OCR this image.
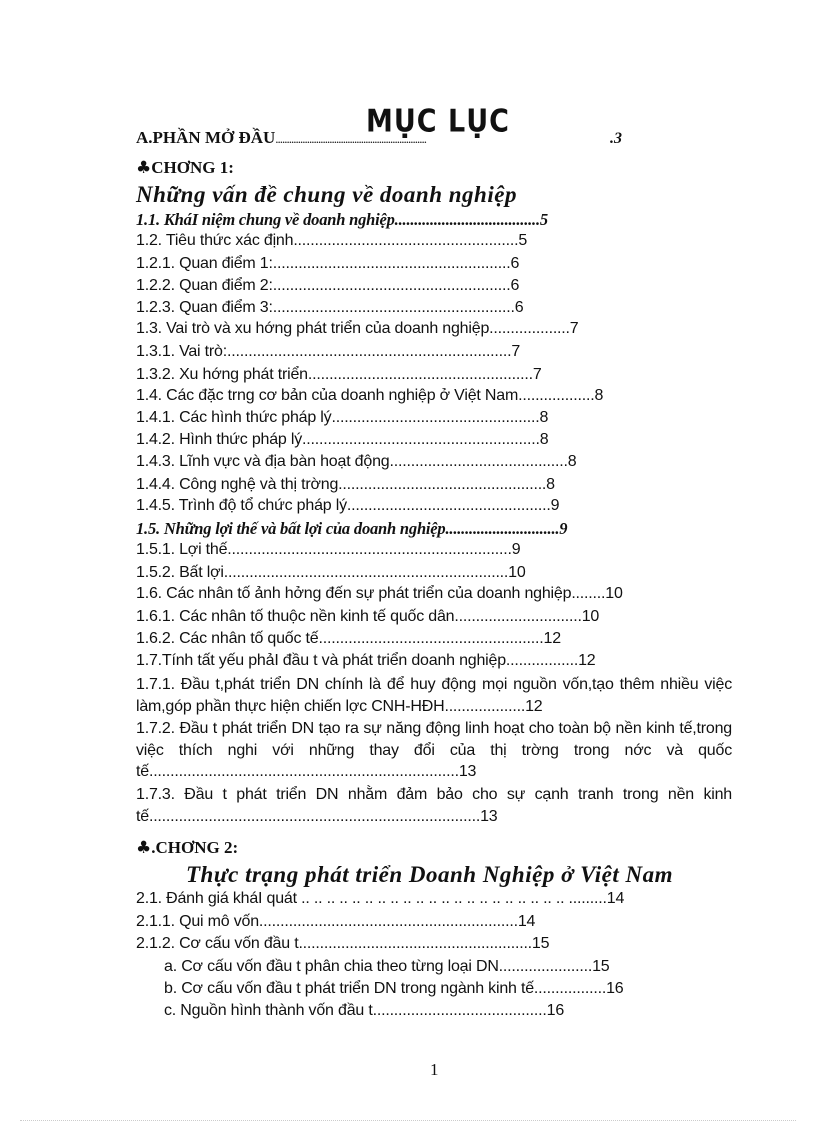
MỤC LỤC
A.PHẦN MỞ ĐẦU...................................................................	.3
♣CHƠNG 1:
Những vấn đề chung về doanh nghiệp
1.1. KháI niệm chung về doanh nghiệp.....................................5
1.2. Tiêu thức xác định.....................................................5
1.2.1. Quan điểm 1:........................................................6
1.2.2. Quan điểm 2:........................................................6
1.2.3. Quan điểm 3:.........................................................6
1.3. Vai trò và xu hớng phát triển của doanh nghiệp...................7
1.3.1. Vai trò:...................................................................7
1.3.2. Xu hớng phát triển.....................................................7
1.4. Các đặc trng cơ bản của doanh nghiệp ở Việt Nam..................8
1.4.1. Các hình thức pháp lý.................................................8
1.4.2. Hình thức pháp lý........................................................8
1.4.3. Lĩnh vực và địa bàn hoạt động..........................................8
1.4.4. Công nghệ và thị trờng.................................................8
1.4.5. Trình độ tổ chức pháp lý................................................9
1.5. Những lợi thế và bất lợi của doanh nghiệp.............................9
1.5.1. Lợi thế...................................................................9
1.5.2. Bất lợi...................................................................10
1.6. Các nhân tố ảnh hởng đến sự phát triển của doanh nghiệp........10
1.6.1. Các nhân tố thuộc nền kinh tế quốc dân..............................10
1.6.2. Các nhân tố quốc tế.....................................................12
1.7.Tính tất yếu phảI đầu t và phát triển doanh nghiệp.................12
1.7.1. Đầu t,phát triển DN chính là để huy động mọi nguồn vốn,tạo thêm nhiều việc làm,góp phần thực hiện chiến lợc CNH-HĐH...................12
1.7.2. Đầu t phát triển DN tạo ra sự năng động linh hoạt cho toàn bộ nền kinh tế,trong việc thích nghi với những thay đổi của thị trờng trong nớc và quốc tế.........................................................................13
1.7.3. Đầu t phát triển DN nhằm đảm bảo cho sự cạnh tranh trong nền kinh tế..............................................................................13
♣.CHƠNG 2:
Thực trạng phát triển Doanh Nghiệp ở Việt Nam
2.1. Đánh giá kháI quát .. .. .. .. .. .. .. .. .. .. .. .. .. .. .. .. .. .. .. .. .. .........14
2.1.1. Qui mô vốn.............................................................14
2.1.2. Cơ cấu vốn đầu t.......................................................15
a. Cơ cấu vốn đầu t phân chia theo từng loại DN......................15
b. Cơ cấu vốn đầu t phát triển DN trong ngành kinh tế.................16
c. Nguồn hình thành vốn đầu t.........................................16
1
